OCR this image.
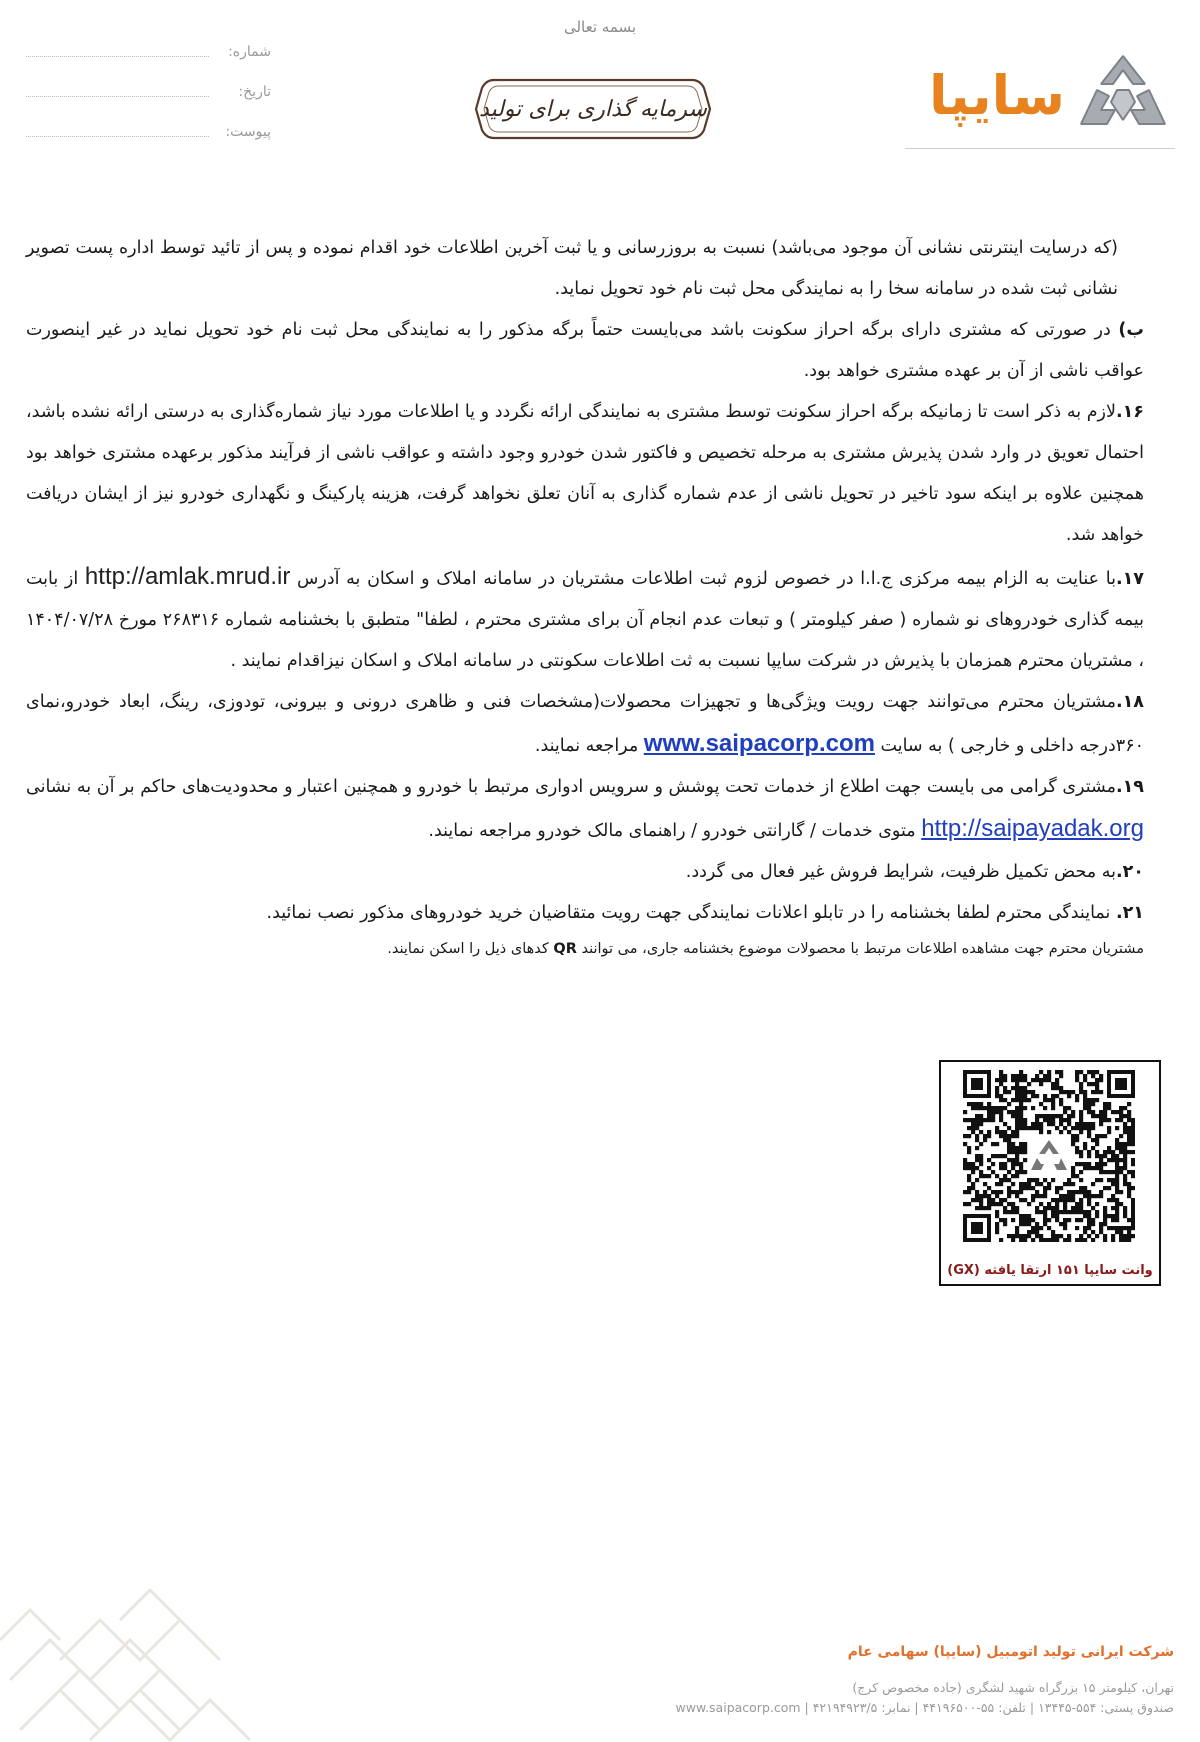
بسمه تعالی
شماره:
تاریخ:
پیوست:
سرمایه گذاری برای تولید	سایپا

(که درسایت اینترنتی نشانی آن موجود می‌باشد) نسبت به بروزرسانی و یا ثبت آخرین اطلاعات خود اقدام نموده و پس از تائید توسط اداره پست تصویر نشانی ثبت شده در سامانه سخا را به نمایندگی محل ثبت نام خود تحویل نماید.

ب) در صورتی که مشتری دارای برگه احراز سکونت باشد می‌بایست حتماً برگه مذکور را به نمایندگی محل ثبت نام خود تحویل نماید در غیر اینصورت عواقب ناشی از آن بر عهده مشتری خواهد بود.

۱۶.لازم به ذکر است تا زمانیکه برگه احراز سکونت توسط مشتری به نمایندگی ارائه نگردد و یا اطلاعات مورد نیاز شماره‌گذاری به درستی ارائه نشده باشد، احتمال تعویق در وارد شدن پذیرش مشتری به مرحله تخصیص و فاکتور شدن خودرو وجود داشته و عواقب ناشی از فرآیند مذکور برعهده مشتری خواهد بود همچنین علاوه بر اینکه سود تاخیر در تحویل ناشی از عدم شماره گذاری به آنان تعلق نخواهد گرفت، هزینه پارکینگ و نگهداری خودرو نیز از ایشان دریافت خواهد شد.

۱۷.با عنایت به الزام بیمه مرکزی ج.ا.ا در خصوص لزوم ثبت اطلاعات مشتریان در سامانه املاک و اسکان به آدرس http://amlak.mrud.ir از بابت بیمه گذاری خودروهای نو شماره ( صفر کیلومتر ) و تبعات عدم انجام آن برای مشتری محترم ، لطفا" متطبق با بخشنامه شماره ۲۶۸۳۱۶ مورخ ۱۴۰۴/۰۷/۲۸ ، مشتریان محترم همزمان با پذیرش در شرکت سایپا نسبت به ثت اطلاعات سکونتی در سامانه املاک و اسکان نیزاقدام نمایند .

۱۸.مشتریان محترم می‌توانند جهت رویت ویژگی‌ها و تجهیزات محصولات(مشخصات فنی و ظاهری درونی و بیرونی، تودوزی، رینگ، ابعاد خودرو،نمای ۳۶۰درجه داخلی و خارجی ) به سایت www.saipacorp.com مراجعه نمایند.

۱۹.مشتری گرامی می بایست جهت اطلاع از خدمات تحت پوشش و سرویس ادواری مرتبط با خودرو و همچنین اعتبار و محدودیت‌های حاکم بر آن به نشانی http://saipayadak.org متوی خدمات / گارانتی خودرو / راهنمای مالک خودرو مراجعه نمایند.

۲۰.به محض تکمیل ظرفیت، شرایط فروش غیر فعال می گردد.

۲۱. نمایندگی محترم لطفا بخشنامه را در تابلو اعلانات نمایندگی جهت رویت متقاضیان خرید خودروهای مذکور نصب نمائید.

مشتریان محترم جهت مشاهده اطلاعات مرتبط با محصولات موضوع بخشنامه جاری، می توانند QR کدهای ذیل را اسکن نمایند.

وانت سایپا ۱۵۱ ارتقا یافته (GX)
شرکت ایرانی تولید اتومبیل (سایپا) سهامی عام
تهران، کیلومتر ۱۵ بزرگراه شهید لشگری (جاده مخصوص کرج)
صندوق پستی: ۵۵۴-۱۳۴۴۵ | تلفن: ۵۵-۴۴۱۹۶۵۰۰ | نمابر: ۴۲۱۹۴۹۲۳/۵ | www.saipacorp.com
